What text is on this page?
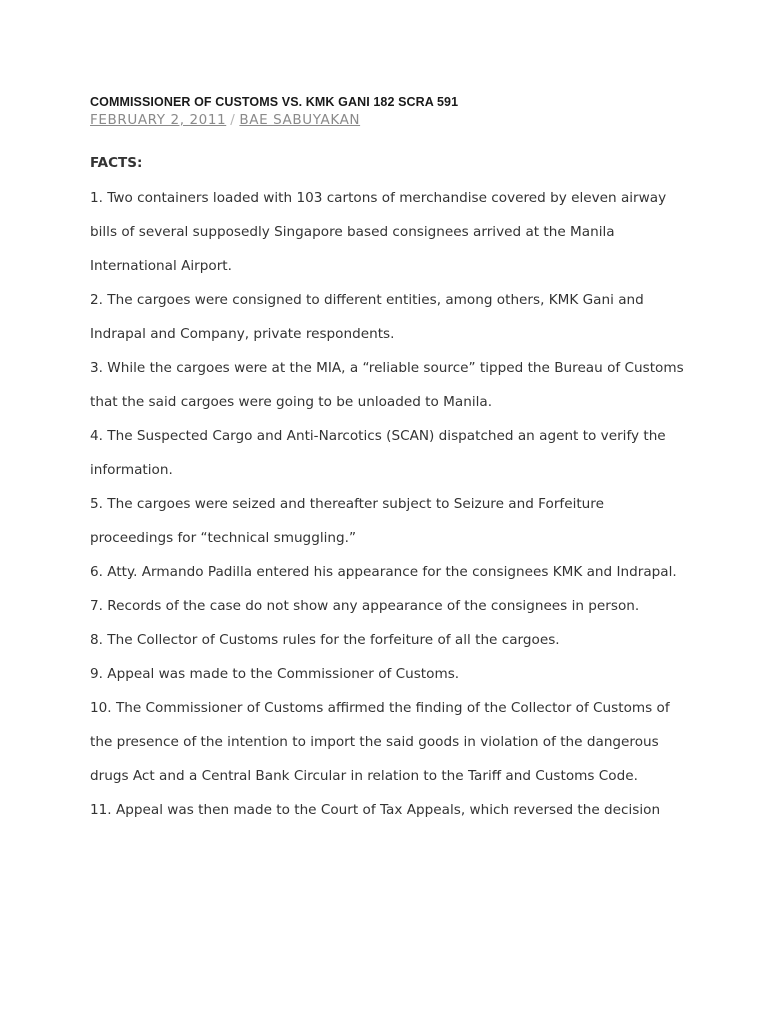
COMMISSIONER OF CUSTOMS VS. KMK GANI 182 SCRA 591
FEBRUARY 2, 2011 / BAE SABUYAKAN
FACTS:

1. Two containers loaded with 103 cartons of merchandise covered by eleven airway bills of several supposedly Singapore based consignees arrived at the Manila International Airport.

2. The cargoes were consigned to different entities, among others, KMK Gani and Indrapal and Company, private respondents.

3. While the cargoes were at the MIA, a “reliable source” tipped the Bureau of Customs that the said cargoes were going to be unloaded to Manila.

4. The Suspected Cargo and Anti-Narcotics (SCAN) dispatched an agent to verify the information.

5. The cargoes were seized and thereafter subject to Seizure and Forfeiture proceedings for “technical smuggling.”

6. Atty. Armando Padilla entered his appearance for the consignees KMK and Indrapal.

7. Records of the case do not show any appearance of the consignees in person.

8. The Collector of Customs rules for the forfeiture of all the cargoes.

9. Appeal was made to the Commissioner of Customs.

10. The Commissioner of Customs affirmed the finding of the Collector of Customs of the presence of the intention to import the said goods in violation of the dangerous drugs Act and a Central Bank Circular in relation to the Tariff and Customs Code.

11. Appeal was then made to the Court of Tax Appeals, which reversed the decision
